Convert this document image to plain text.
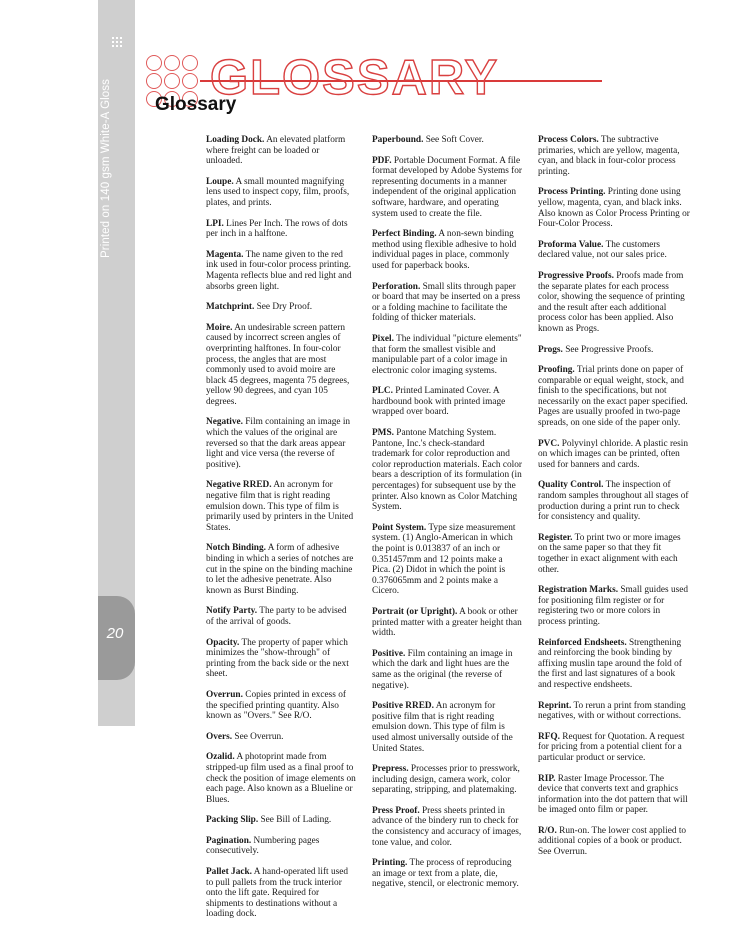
20
GLOSSARY
Glossary
Loading Dock. An elevated platform where freight can be loaded or unloaded.
Loupe. A small mounted magnifying lens used to inspect copy, film, proofs, plates, and prints.
LPI. Lines Per Inch. The rows of dots per inch in a halftone.
Magenta. The name given to the red ink used in four-color process printing. Magenta reflects blue and red light and absorbs green light.
Matchprint. See Dry Proof.
Moire. An undesirable screen pattern caused by incorrect screen angles of overprinting halftones. In four-color process, the angles that are most commonly used to avoid moire are black 45 degrees, magenta 75 degrees, yellow 90 degrees, and cyan 105 degrees.
Negative. Film containing an image in which the values of the original are reversed so that the dark areas appear light and vice versa (the reverse of positive).
Negative RRED. An acronym for negative film that is right reading emulsion down. This type of film is primarily used by printers in the United States.
Notch Binding. A form of adhesive binding in which a series of notches are cut in the spine on the binding machine to let the adhesive penetrate. Also known as Burst Binding.
Notify Party. The party to be advised of the arrival of goods.
Opacity. The property of paper which minimizes the "show-through" of printing from the back side or the next sheet.
Overrun. Copies printed in excess of the specified printing quantity. Also known as "Overs." See R/O.
Overs. See Overrun.
Ozalid. A photoprint made from stripped-up film used as a final proof to check the position of image elements on each page. Also known as a Blueline or Blues.
Packing Slip. See Bill of Lading.
Pagination. Numbering pages consecutively.
Pallet Jack. A hand-operated lift used to pull pallets from the truck interior onto the lift gate. Required for shipments to destinations without a loading dock.
Paperbound. See Soft Cover.
PDF. Portable Document Format. A file format developed by Adobe Systems for representing documents in a manner independent of the original application software, hardware, and operating system used to create the file.
Perfect Binding. A non-sewn binding method using flexible adhesive to hold individual pages in place, commonly used for paperback books.
Perforation. Small slits through paper or board that may be inserted on a press or a folding machine to facilitate the folding of thicker materials.
Pixel. The individual "picture elements" that form the smallest visible and manipulable part of a color image in electronic color imaging systems.
PLC. Printed Laminated Cover. A hardbound book with printed image wrapped over board.
PMS. Pantone Matching System. Pantone, Inc.'s check-standard trademark for color reproduction and color reproduction materials. Each color bears a description of its formulation (in percentages) for subsequent use by the printer. Also known as Color Matching System.
Point System. Type size measurement system. (1) Anglo-American in which the point is 0.013837 of an inch or 0.351457mm and 12 points make a Pica. (2) Didot in which the point is 0.376065mm and 2 points make a Cicero.
Portrait (or Upright). A book or other printed matter with a greater height than width.
Positive. Film containing an image in which the dark and light hues are the same as the original (the reverse of negative).
Positive RRED. An acronym for positive film that is right reading emulsion down. This type of film is used almost universally outside of the United States.
Prepress. Processes prior to presswork, including design, camera work, color separating, stripping, and platemaking.
Press Proof. Press sheets printed in advance of the bindery run to check for the consistency and accuracy of images, tone value, and color.
Printing. The process of reproducing an image or text from a plate, die, negative, stencil, or electronic memory.
Process Colors. The subtractive primaries, which are yellow, magenta, cyan, and black in four-color process printing.
Process Printing. Printing done using yellow, magenta, cyan, and black inks. Also known as Color Process Printing or Four-Color Process.
Proforma Value. The customers declared value, not our sales price.
Progressive Proofs. Proofs made from the separate plates for each process color, showing the sequence of printing and the result after each additional process color has been applied. Also known as Progs.
Progs. See Progressive Proofs.
Proofing. Trial prints done on paper of comparable or equal weight, stock, and finish to the specifications, but not necessarily on the exact paper specified. Pages are usually proofed in two-page spreads, on one side of the paper only.
PVC. Polyvinyl chloride. A plastic resin on which images can be printed, often used for banners and cards.
Quality Control. The inspection of random samples throughout all stages of production during a print run to check for consistency and quality.
Register. To print two or more images on the same paper so that they fit together in exact alignment with each other.
Registration Marks. Small guides used for positioning film register or for registering two or more colors in process printing.
Reinforced Endsheets. Strengthening and reinforcing the book binding by affixing muslin tape around the fold of the first and last signatures of a book and respective endsheets.
Reprint. To rerun a print from standing negatives, with or without corrections.
RFQ. Request for Quotation. A request for pricing from a potential client for a particular product or service.
RIP. Raster Image Processor. The device that converts text and graphics information into the dot pattern that will be imaged onto film or paper.
R/O. Run-on. The lower cost applied to additional copies of a book or product. See Overrun.
